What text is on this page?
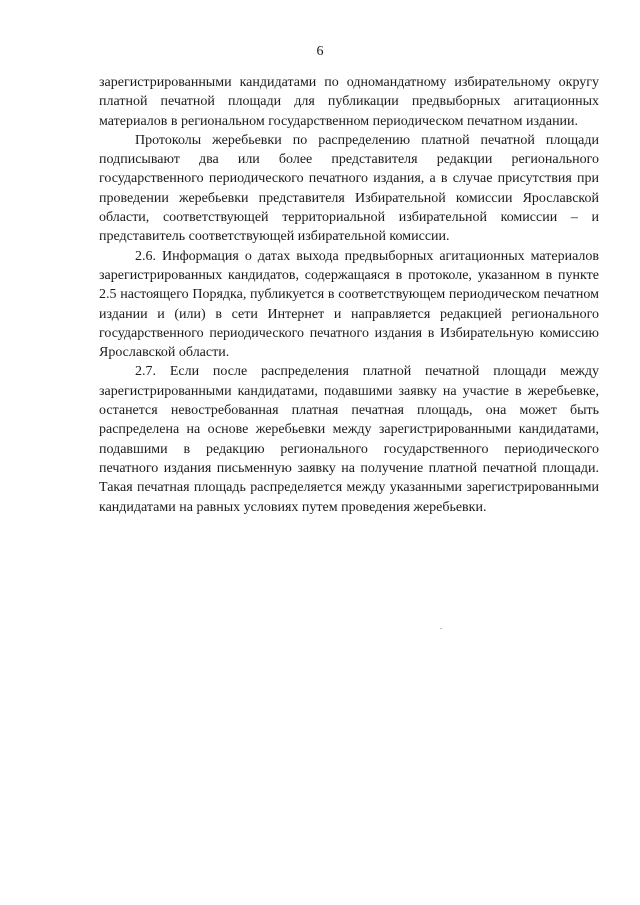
6

зарегистрированными кандидатами по одномандатному избирательному округу платной печатной площади для публикации предвыборных агитационных материалов в региональном государственном периодическом печатном издании.

Протоколы жеребьевки по распределению платной печатной площади подписывают два или более представителя редакции регионального государственного периодического печатного издания, а в случае присутствия при проведении жеребьевки представителя Избирательной комиссии Ярославской области, соответствующей территориальной избирательной комиссии – и представитель соответствующей избирательной комиссии.

2.6. Информация о датах выхода предвыборных агитационных материалов зарегистрированных кандидатов, содержащаяся в протоколе, указанном в пункте 2.5 настоящего Порядка, публикуется в соответствующем периодическом печатном издании и (или) в сети Интернет и направляется редакцией регионального государственного периодического печатного издания в Избирательную комиссию Ярославской области.

2.7. Если после распределения платной печатной площади между зарегистрированными кандидатами, подавшими заявку на участие в жеребьевке, останется невостребованная платная печатная площадь, она может быть распределена на основе жеребьевки между зарегистрированными кандидатами, подавшими в редакцию регионального государственного периодического печатного издания письменную заявку на получение платной печатной площади. Такая печатная площадь распределяется между указанными зарегистрированными кандидатами на равных условиях путем проведения жеребьевки.
